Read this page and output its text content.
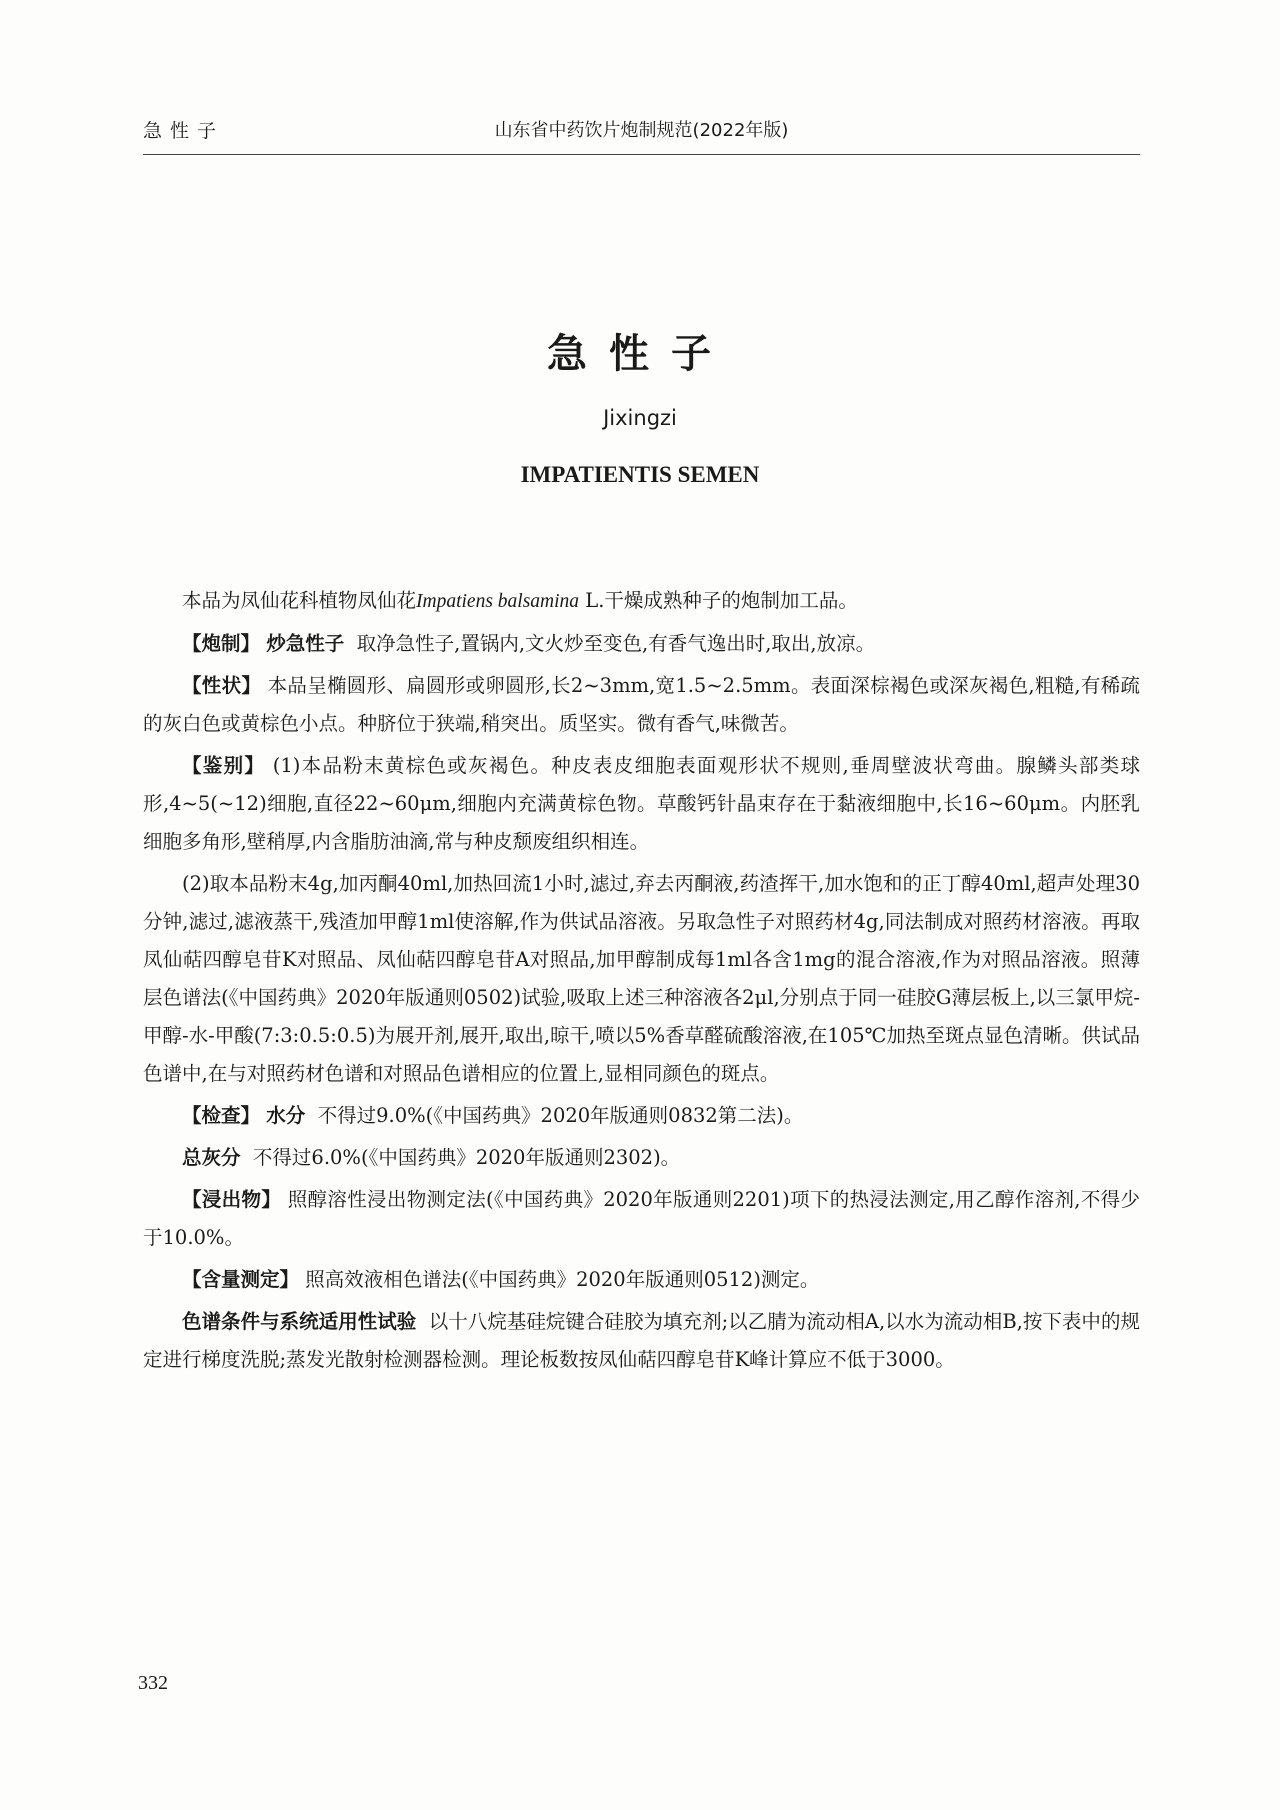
急性子	山东省中药饮片炮制规范(2022年版)
急性子
Jixingzi
IMPATIENTIS SEMEN

本品为凤仙花科植物凤仙花Impatiens balsamina L.干燥成熟种子的炮制加工品。

【炮制】 炒急性子 取净急性子,置锅内,文火炒至变色,有香气逸出时,取出,放凉。

【性状】 本品呈椭圆形、扁圆形或卵圆形,长2~3mm,宽1.5~2.5mm。表面深棕褐色或深灰褐色,粗糙,有稀疏的灰白色或黄棕色小点。种脐位于狭端,稍突出。质坚实。微有香气,味微苦。

【鉴别】 (1)本品粉末黄棕色或灰褐色。种皮表皮细胞表面观形状不规则,垂周壁波状弯曲。腺鳞头部类球形,4~5(~12)细胞,直径22~60μm,细胞内充满黄棕色物。草酸钙针晶束存在于黏液细胞中,长16~60μm。内胚乳细胞多角形,壁稍厚,内含脂肪油滴,常与种皮颓废组织相连。

(2)取本品粉末4g,加丙酮40ml,加热回流1小时,滤过,弃去丙酮液,药渣挥干,加水饱和的正丁醇40ml,超声处理30分钟,滤过,滤液蒸干,残渣加甲醇1ml使溶解,作为供试品溶液。另取急性子对照药材4g,同法制成对照药材溶液。再取凤仙萜四醇皂苷K对照品、凤仙萜四醇皂苷A对照品,加甲醇制成每1ml各含1mg的混合溶液,作为对照品溶液。照薄层色谱法(《中国药典》2020年版通则0502)试验,吸取上述三种溶液各2μl,分别点于同一硅胶G薄层板上,以三氯甲烷-甲醇-水-甲酸(7:3:0.5:0.5)为展开剂,展开,取出,晾干,喷以5%香草醛硫酸溶液,在105℃加热至斑点显色清晰。供试品色谱中,在与对照药材色谱和对照品色谱相应的位置上,显相同颜色的斑点。

【检查】 水分 不得过9.0%(《中国药典》2020年版通则0832第二法)。

总灰分 不得过6.0%(《中国药典》2020年版通则2302)。

【浸出物】 照醇溶性浸出物测定法(《中国药典》2020年版通则2201)项下的热浸法测定,用乙醇作溶剂,不得少于10.0%。

【含量测定】 照高效液相色谱法(《中国药典》2020年版通则0512)测定。

色谱条件与系统适用性试验 以十八烷基硅烷键合硅胶为填充剂;以乙腈为流动相A,以水为流动相B,按下表中的规定进行梯度洗脱;蒸发光散射检测器检测。理论板数按凤仙萜四醇皂苷K峰计算应不低于3000。

332
